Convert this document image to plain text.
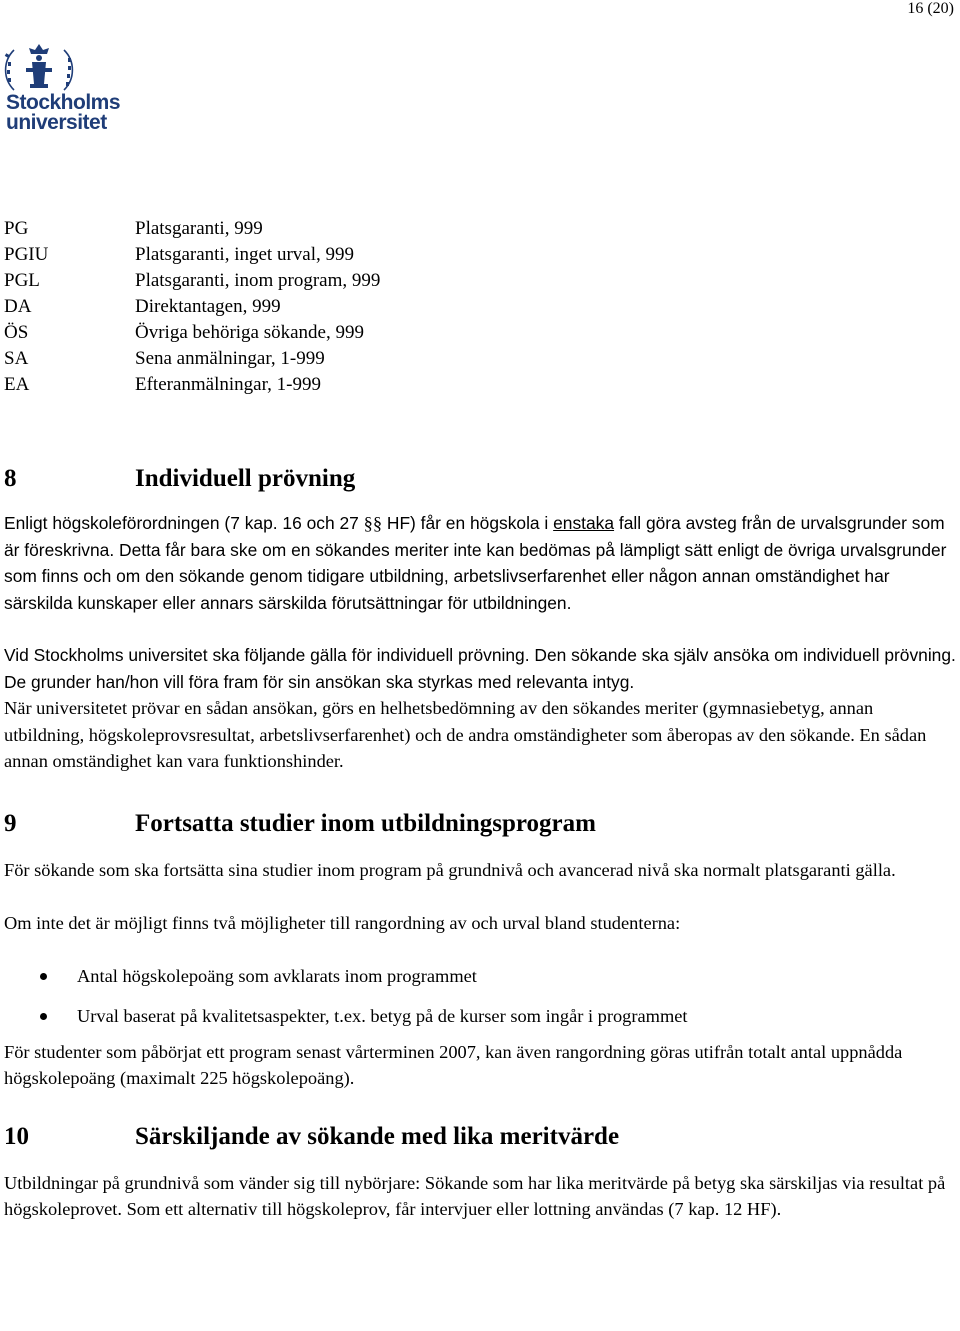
16 (20)
Stockholms
universitet
PG	Platsgaranti, 999
PGIU	Platsgaranti, inget urval, 999
PGL	Platsgaranti, inom program, 999
DA	Direktantagen, 999
ÖS	Övriga behöriga sökande, 999
SA	Sena anmälningar, 1-999
EA	Efteranmälningar, 1-999
8	Individuell prövning

Enligt högskoleförordningen (7 kap. 16 och 27 §§ HF) får en högskola i enstaka fall göra avsteg från de urvalsgrunder som är föreskrivna. Detta får bara ske om en sökandes meriter inte kan bedömas på lämpligt sätt enligt de övriga urvalsgrunder som finns och om den sökande genom tidigare utbildning, arbetslivserfarenhet eller någon annan omständighet har särskilda kunskaper eller annars särskilda förutsättningar för utbildningen.

Vid Stockholms universitet ska följande gälla för individuell prövning. Den sökande ska själv ansöka om individuell prövning. De grunder han/hon vill föra fram för sin ansökan ska styrkas med relevanta intyg.

När universitetet prövar en sådan ansökan, görs en helhetsbedömning av den sökandes meriter (gymnasiebetyg, annan utbildning, högskoleprovsresultat, arbetslivserfarenhet) och de andra omständigheter som åberopas av den sökande. En sådan annan omständighet kan vara funktionshinder.

9	Fortsatta studier inom utbildningsprogram

För sökande som ska fortsätta sina studier inom program på grundnivå och avancerad nivå ska normalt platsgaranti gälla.

Om inte det är möjligt finns två möjligheter till rangordning av och urval bland studenterna:

Antal högskolepoäng som avklarats inom programmet
Urval baserat på kvalitetsaspekter, t.ex. betyg på de kurser som ingår i programmet

För studenter som påbörjat ett program senast vårterminen 2007, kan även rangordning göras utifrån totalt antal uppnådda högskolepoäng (maximalt 225 högskolepoäng).

10	Särskiljande av sökande med lika meritvärde

Utbildningar på grundnivå som vänder sig till nybörjare: Sökande som har lika meritvärde på betyg ska särskiljas via resultat på högskoleprovet. Som ett alternativ till högskoleprov, får intervjuer eller lottning användas (7 kap. 12 HF).
